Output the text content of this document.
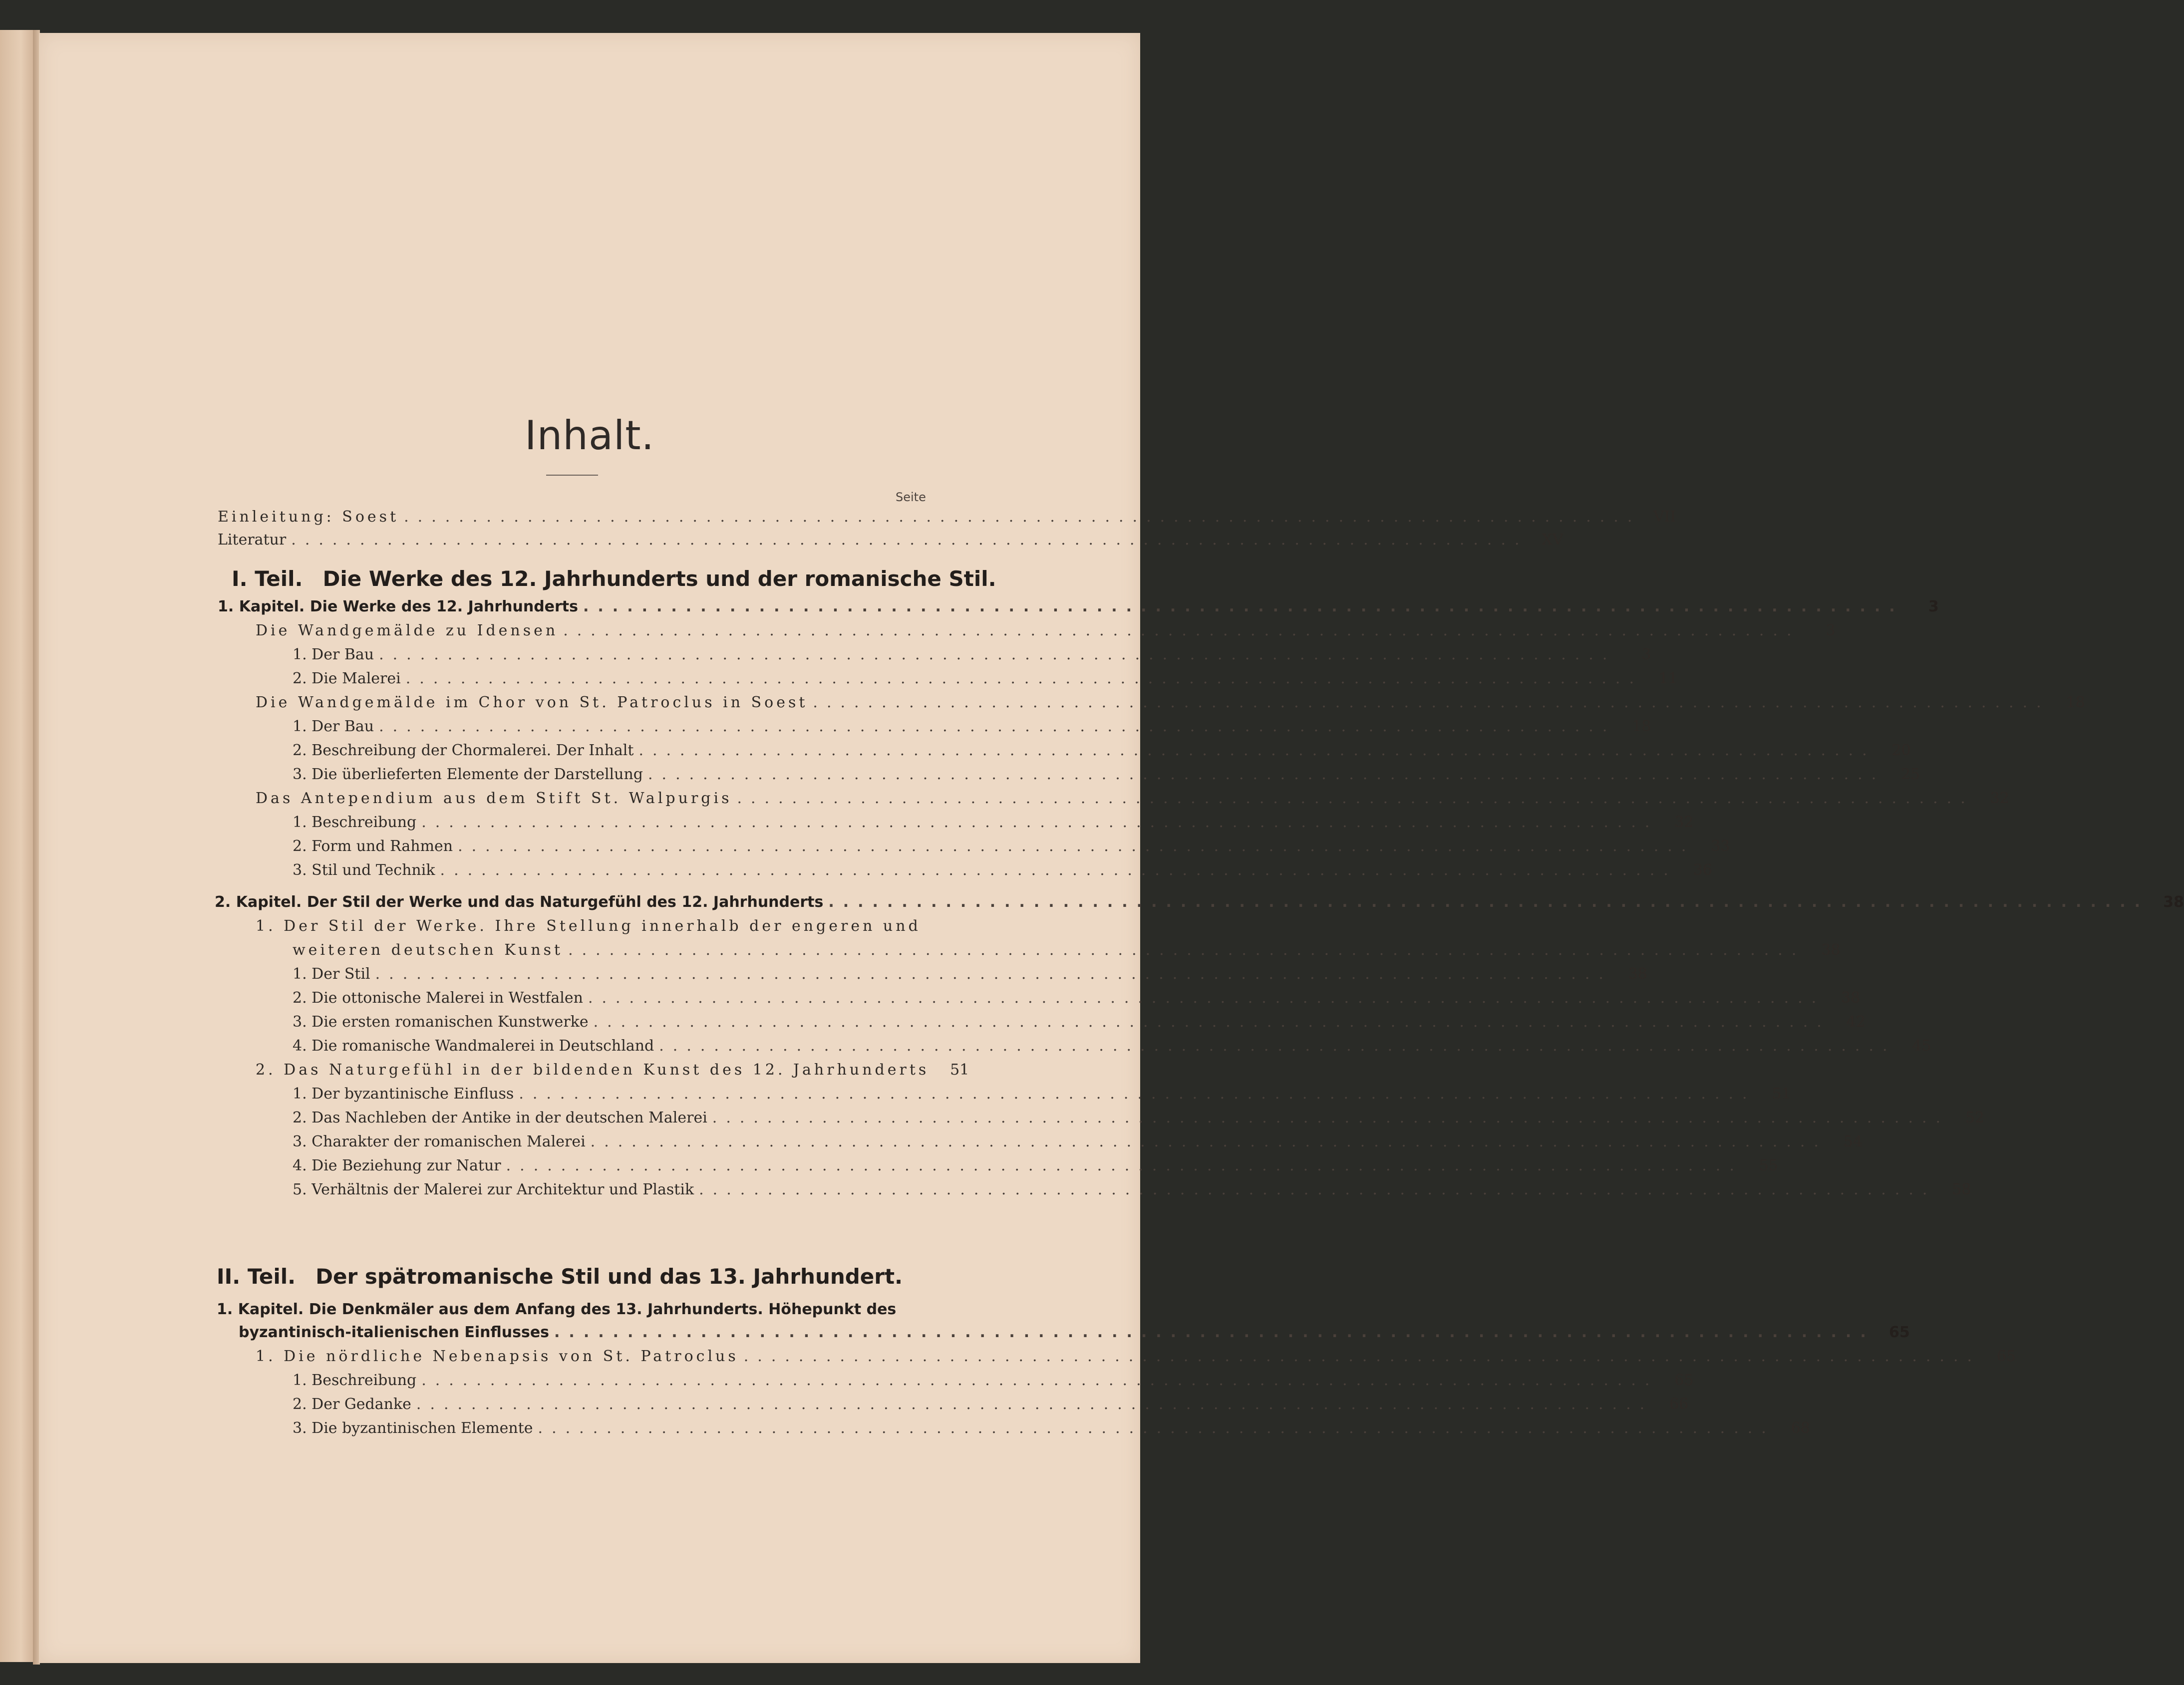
Inhalt.
Seite
Einleitung: Soest .......................................................................................... VII
Literatur .......................................................................................... XV
I. Teil. Die Werke des 12. Jahrhunderts und der romanische Stil.
1. Kapitel. Die Werke des 12. Jahrhunderts ..........................................................................................	3
Die Wandgemälde zu Idensen ..........................................................................................	3
1. Der Bau ..........................................................................................	3
2. Die Malerei ..........................................................................................	11
Die Wandgemälde im Chor von St. Patroclus in Soest ..........................................................................................	18
1. Der Bau ..........................................................................................	18
2. Beschreibung der Chormalerei. Der Inhalt ..........................................................................................	20
3. Die überlieferten Elemente der Darstellung ..........................................................................................	25
Das Antependium aus dem Stift St. Walpurgis ..........................................................................................	32
1. Beschreibung ..........................................................................................	32
2. Form und Rahmen ..........................................................................................	33
3. Stil und Technik ..........................................................................................	36
2. Kapitel. Der Stil der Werke und das Naturgefühl des 12. Jahrhunderts .......................................................................................... 38
1. Der Stil der Werke. Ihre Stellung innerhalb der engeren und
weiteren deutschen Kunst ..........................................................................................	38
1. Der Stil ..........................................................................................	38
2. Die ottonische Malerei in Westfalen ..........................................................................................	38
3. Die ersten romanischen Kunstwerke ..........................................................................................	42
4. Die romanische Wandmalerei in Deutschland ..........................................................................................	45
2. Das Naturgefühl in der bildenden Kunst des 12. Jahrhunderts	51
1. Der byzantinische Einfluss ..........................................................................................	51
2. Das Nachleben der Antike in der deutschen Malerei ..........................................................................................	52
3. Charakter der romanischen Malerei ..........................................................................................	54
4. Die Beziehung zur Natur ..........................................................................................	55
5. Verhältnis der Malerei zur Architektur und Plastik ..........................................................................................	58
II. Teil. Der spätromanische Stil und das 13. Jahrhundert.
1. Kapitel. Die Denkmäler aus dem Anfang des 13. Jahrhunderts. Höhepunkt des
byzantinisch-italienischen Einflusses .......................................................................................... 65
1. Die nördliche Nebenapsis von St. Patroclus ..........................................................................................	65
1. Beschreibung ..........................................................................................	65
2. Der Gedanke ..........................................................................................	66
3. Die byzantinischen Elemente ..........................................................................................	68
